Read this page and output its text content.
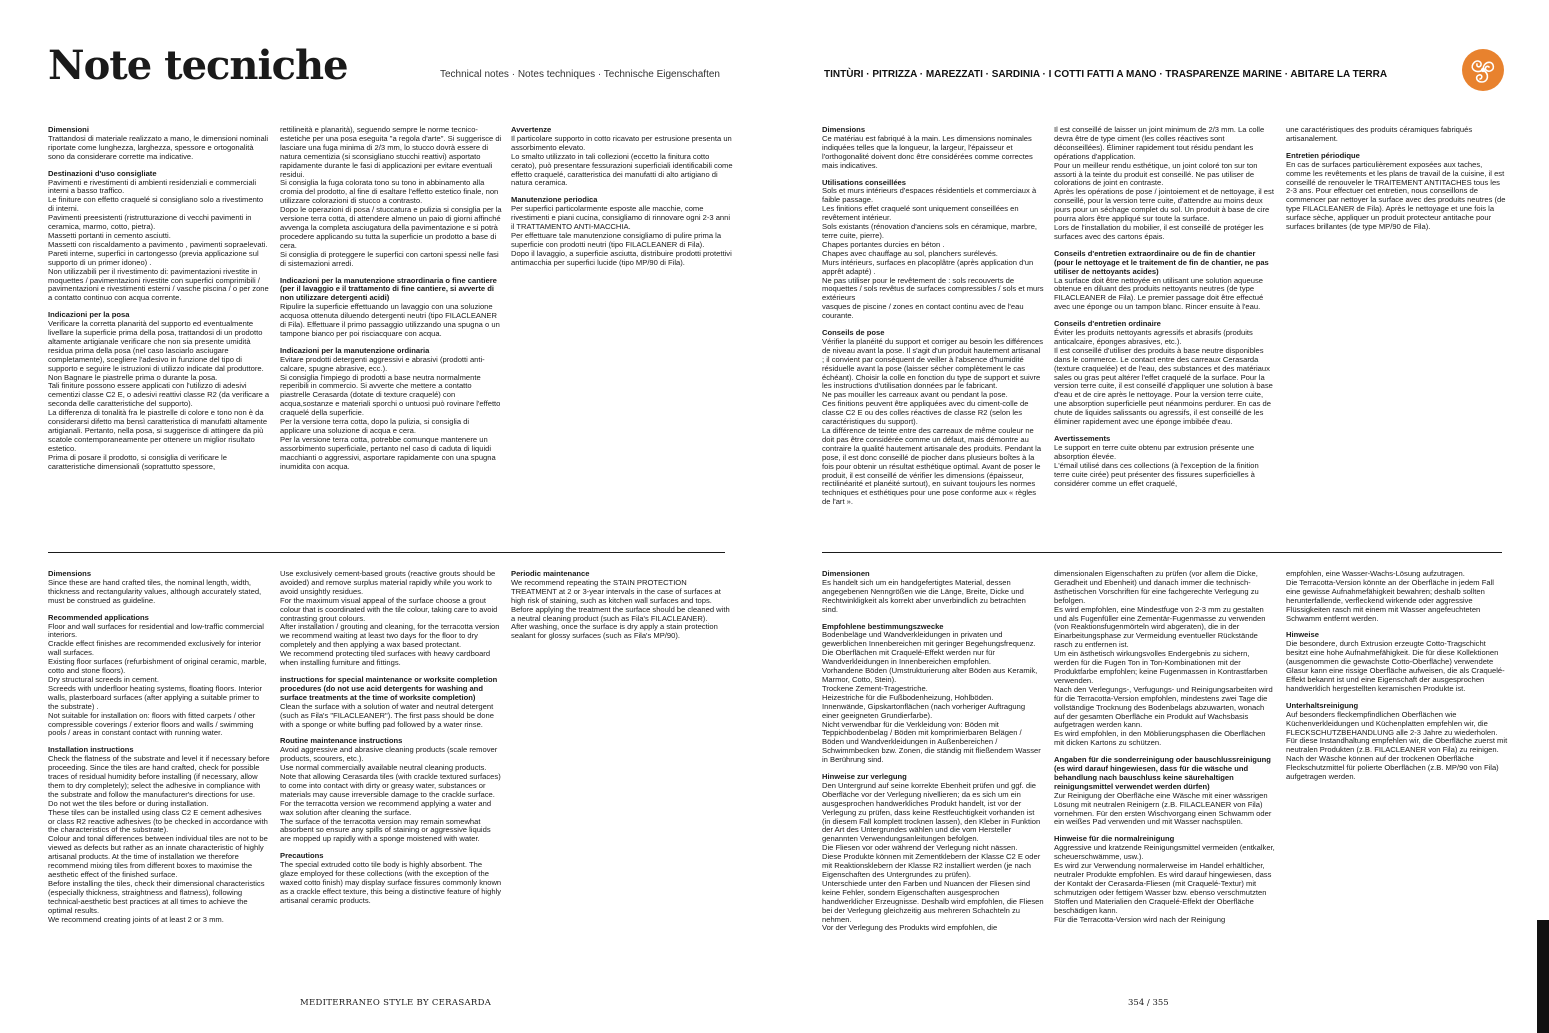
Note tecniche	Technical notes · Notes techniques · Technische Eigenschaften	TINTÙRI · PITRIZZA · MAREZZATI · SARDINIA · I COTTI FATTI A MANO · TRASPARENZE MARINE · ABITARE LA TERRA
Dimensioni

Trattandosi di materiale realizzato a mano, le dimensioni nominali riportate come lunghezza, larghezza, spessore e ortogonalità sono da considerare corrette ma indicative.

Destinazioni d'uso consigliate

Pavimenti e rivestimenti di ambienti residenziali e commerciali interni a basso traffico.
Le finiture con effetto craquelé si consigliano solo a rivestimento di interni.
Pavimenti preesistenti (ristrutturazione di vecchi pavimenti in ceramica, marmo, cotto, pietra).
Massetti portanti in cemento asciutti.
Massetti con riscaldamento a pavimento , pavimenti sopraelevati. Pareti interne, superfici in cartongesso (previa applicazione sul supporto di un primer idoneo) .
Non utilizzabili per il rivestimento di: pavimentazioni rivestite in moquettes / pavimentazioni rivestite con superfici comprimibili / pavimentazioni e rivestimenti esterni / vasche piscina / o per zone a contatto continuo con acqua corrente.

Indicazioni per la posa

Verificare la corretta planarità del supporto ed eventualmente livellare la superficie prima della posa, trattandosi di un prodotto altamente artigianale verificare che non sia presente umidità residua prima della posa (nel caso lasciarlo asciugare completamente), scegliere l'adesivo in funzione del tipo di supporto e seguire le istruzioni di utilizzo indicate dal produttore.
Non Bagnare le piastrelle prima o durante la posa.
Tali finiture possono essere applicati con l'utilizzo di adesivi cementizi classe C2 E, o adesivi reattivi classe R2 (da verificare a seconda delle caratteristiche del supporto).
La differenza di tonalità fra le piastrelle di colore e tono non è da considerarsi difetto ma bensì caratteristica di manufatti altamente artigianali. Pertanto, nella posa, si suggerisce di attingere da più scatole contemporaneamente per ottenere un miglior risultato estetico.
Prima di posare il prodotto, si consiglia di verificare le caratteristiche dimensionali (soprattutto spessore,

rettilineità e planarità), seguendo sempre le norme tecnico-estetiche per una posa eseguita "a regola d'arte". Si suggerisce di lasciare una fuga minima di 2/3 mm, lo stucco dovrà essere di natura cementizia (si sconsigliano stucchi reattivi) asportato rapidamente durante le fasi di applicazioni per evitare eventuali residui.
Si consiglia la fuga colorata tono su tono in abbinamento alla cromia del prodotto, al fine di esaltare l'effetto estetico finale, non utilizzare colorazioni di stucco a contrasto.
Dopo le operazioni di posa / stuccatura e pulizia si consiglia per la versione terra cotta, di attendere almeno un paio di giorni affinché avvenga la completa asciugatura della pavimentazione e si potrà procedere applicando su tutta la superficie un prodotto a base di cera.
Si consiglia di proteggere le superfici con cartoni spessi nelle fasi di sistemazioni arredi.

Indicazioni per la manutenzione straordinaria o fine cantiere (per il lavaggio e il trattamento di fine cantiere, si avverte di non utilizzare detergenti acidi)

Ripulire la superficie effettuando un lavaggio con una soluzione acquosa ottenuta diluendo detergenti neutri (tipo FILACLEANER di Fila). Effettuare il primo passaggio utilizzando una spugna o un tampone bianco per poi risciacquare con acqua.

Indicazioni per la manutenzione ordinaria

Evitare prodotti detergenti aggressivi e abrasivi (prodotti anti-calcare, spugne abrasive, ecc.).
Si consiglia l'impiego di prodotti a base neutra normalmente reperibili in commercio. Si avverte che mettere a contatto piastrelle Cerasarda (dotate di texture craquelé) con acqua,sostanze e materiali sporchi o untuosi può rovinare l'effetto craquelé della superficie.
Per la versione terra cotta, dopo la pulizia, si consiglia di applicare una soluzione di acqua e cera.
Per la versione terra cotta, potrebbe comunque mantenere un assorbimento superficiale, pertanto nel caso di caduta di liquidi macchianti o aggressivi, asportare rapidamente con una spugna inumidita con acqua.

Avvertenze

Il particolare supporto in cotto ricavato per estrusione presenta un assorbimento elevato.
Lo smalto utilizzato in tali collezioni (eccetto la finitura cotto cerato), può presentare fessurazioni superficiali identificabili come effetto craquelé, caratteristica dei manufatti di alto artigiano di natura ceramica.

Manutenzione periodica

Per superfici particolarmente esposte alle macchie, come rivestimenti e piani cucina, consigliamo di rinnovare ogni 2-3 anni il TRATTAMENTO ANTI-MACCHIA.
Per effettuare tale manutenzione consigliamo di pulire prima la superficie con prodotti neutri (tipo FILACLEANER di Fila).
Dopo il lavaggio, a superficie asciutta, distribuire prodotti protettivi antimacchia per superfici lucide (tipo MP/90 di Fila).

Dimensions

Ce matériau est fabriqué à la main. Les dimensions nominales indiquées telles que la longueur, la largeur, l'épaisseur et l'orthogonalité doivent donc être considérées comme correctes mais indicatives.

Utilisations conseillées

Sols et murs intérieurs d'espaces résidentiels et commerciaux à faible passage.
Les finitions effet craquelé sont uniquement conseillées en revêtement intérieur.
Sols existants (rénovation d'anciens sols en céramique, marbre, terre cuite, pierre).
Chapes portantes durcies en béton .
Chapes avec chauffage au sol, planchers surélevés.
Murs intérieurs, surfaces en placoplâtre (après application d'un apprêt adapté) .
Ne pas utiliser pour le revêtement de : sols recouverts de moquettes / sols revêtus de surfaces compressibles / sols et murs extérieurs
vasques de piscine / zones en contact continu avec de l'eau courante.

Conseils de pose

Vérifier la planéité du support et corriger au besoin les différences de niveau avant la pose. Il s'agit d'un produit hautement artisanal ; il convient par conséquent de veiller à l'absence d'humidité résiduelle avant la pose (laisser sécher complètement le cas échéant). Choisir la colle en fonction du type de support et suivre les instructions d'utilisation données par le fabricant.
Ne pas mouiller les carreaux avant ou pendant la pose.
Ces finitions peuvent être appliquées avec du ciment-colle de classe C2 E ou des colles réactives de classe R2 (selon les caractéristiques du support).
La différence de teinte entre des carreaux de même couleur ne doit pas être considérée comme un défaut, mais démontre au contraire la qualité hautement artisanale des produits. Pendant la pose, il est donc conseillé de piocher dans plusieurs boîtes à la fois pour obtenir un résultat esthétique optimal. Avant de poser le produit, il est conseillé de vérifier les dimensions (épaisseur, rectilinéarité et planéité surtout), en suivant toujours les normes techniques et esthétiques pour une pose conforme aux « règles de l'art ».

Il est conseillé de laisser un joint minimum de 2/3 mm. La colle devra être de type ciment (les colles réactives sont déconseillées). Éliminer rapidement tout résidu pendant les opérations d'application.
Pour un meilleur rendu esthétique, un joint coloré ton sur ton assorti à la teinte du produit est conseillé. Ne pas utiliser de colorations de joint en contraste.
Après les opérations de pose / jointoiement et de nettoyage, il est conseillé, pour la version terre cuite, d'attendre au moins deux jours pour un séchage complet du sol. Un produit à base de cire pourra alors être appliqué sur toute la surface.
Lors de l'installation du mobilier, il est conseillé de protéger les surfaces avec des cartons épais.

Conseils d'entretien extraordinaire ou de fin de chantier (pour le nettoyage et le traitement de fin de chantier, ne pas utiliser de nettoyants acides)

La surface doit être nettoyée en utilisant une solution aqueuse obtenue en diluant des produits nettoyants neutres (de type FILACLEANER de Fila). Le premier passage doit être effectué avec une éponge ou un tampon blanc. Rincer ensuite à l'eau.

Conseils d'entretien ordinaire

Éviter les produits nettoyants agressifs et abrasifs (produits anticalcaire, éponges abrasives, etc.).
Il est conseillé d'utiliser des produits à base neutre disponibles dans le commerce. Le contact entre des carreaux Cerasarda (texture craquelée) et de l'eau, des substances et des matériaux sales ou gras peut altérer l'effet craquelé de la surface. Pour la version terre cuite, il est conseillé d'appliquer une solution à base d'eau et de cire après le nettoyage. Pour la version terre cuite, une absorption superficielle peut néanmoins perdurer. En cas de chute de liquides salissants ou agressifs, il est conseillé de les éliminer rapidement avec une éponge imbibée d'eau.

Avertissements

Le support en terre cuite obtenu par extrusion présente une absorption élevée.
L'émail utilisé dans ces collections (à l'exception de la finition terre cuite cirée) peut présenter des fissures superficielles à considérer comme un effet craquelé,

une caractéristiques des produits céramiques fabriqués artisanalement.

Entretien périodique

En cas de surfaces particulièrement exposées aux taches, comme les revêtements et les plans de travail de la cuisine, il est conseillé de renouveler le TRAITEMENT ANTITACHES tous les 2-3 ans. Pour effectuer cet entretien, nous conseillons de commencer par nettoyer la surface avec des produits neutres (de type FILACLEANER de Fila). Après le nettoyage et une fois la surface sèche, appliquer un produit protecteur antitache pour surfaces brillantes (de type MP/90 de Fila).

Dimensions

Since these are hand crafted tiles, the nominal length, width, thickness and rectangularity values, although accurately stated, must be construed as guideline.

Recommended applications

Floor and wall surfaces for residential and low-traffic commercial interiors.
Crackle effect finishes are recommended exclusively for interior wall surfaces.
Existing floor surfaces (refurbishment of original ceramic, marble, cotto and stone floors).
Dry structural screeds in cement.
Screeds with underfloor heating systems, floating floors. Interior walls, plasterboard surfaces (after applying a suitable primer to the substrate) .
Not suitable for installation on: floors with fitted carpets / other compressible coverings / exterior floors and walls / swimming pools / areas in constant contact with running water.

Installation instructions

Check the flatness of the substrate and level it if necessary before proceeding. Since the tiles are hand crafted, check for possible traces of residual humidity before installing (if necessary, allow them to dry completely); select the adhesive in compliance with the substrate and follow the manufacturer's directions for use.
Do not wet the tiles before or during installation.
These tiles can be installed using class C2 E cement adhesives or class R2 reactive adhesives (to be checked in accordance with the characteristics of the substrate).
Colour and tonal differences between individual tiles are not to be viewed as defects but rather as an innate characteristic of highly artisanal products. At the time of installation we therefore recommend mixing tiles from different boxes to maximise the aesthetic effect of the finished surface.
Before installing the tiles, check their dimensional characteristics (especially thickness, straightness and flatness), following technical-aesthetic best practices at all times to achieve the optimal results.
We recommend creating joints of at least 2 or 3 mm.

Use exclusively cement-based grouts (reactive grouts should be avoided) and remove surplus material rapidly while you work to avoid unsightly residues.
For the maximum visual appeal of the surface choose a grout colour that is coordinated with the tile colour, taking care to avoid contrasting grout colours.
After installation / grouting and cleaning, for the terracotta version we recommend waiting at least two days for the floor to dry completely and then applying a wax based protectant.
We recommend protecting tiled surfaces with heavy cardboard when installing furniture and fittings.

instructions for special maintenance or worksite completion procedures (do not use acid detergents for washing and surface treatments at the time of worksite completion)

Clean the surface with a solution of water and neutral detergent (such as Fila's "FILACLEANER"). The first pass should be done with a sponge or white buffing pad followed by a water rinse.

Routine maintenance instructions

Avoid aggressive and abrasive cleaning products (scale remover products, scourers, etc.).
Use normal commercially available neutral cleaning products. Note that allowing Cerasarda tiles (with crackle textured surfaces) to come into contact with dirty or greasy water, substances or materials may cause irreversible damage to the crackle surface.
For the terracotta version we recommend applying a water and wax solution after cleaning the surface.
The surface of the terracotta version may remain somewhat absorbent so ensure any spills of staining or aggressive liquids are mopped up rapidly with a sponge moistened with water.

Precautions

The special extruded cotto tile body is highly absorbent. The glaze employed for these collections (with the exception of the waxed cotto finish) may display surface fissures commonly known as a crackle effect texture, this being a distinctive feature of highly artisanal ceramic products.

Periodic maintenance

We recommend repeating the STAIN PROTECTION TREATMENT at 2 or 3-year intervals in the case of surfaces at high risk of staining, such as kitchen wall surfaces and tops. Before applying the treatment the surface should be cleaned with a neutral cleaning product (such as Fila's FILACLEANER).
After washing, once the surface is dry apply a stain protection sealant for glossy surfaces (such as Fila's MP/90).

Dimensionen

Es handelt sich um ein handgefertigtes Material, dessen angegebenen Nenngrößen wie die Länge, Breite, Dicke und Rechtwinkligkeit als korrekt aber unverbindlich zu betrachten sind.

Empfohlene bestimmungszwecke

Bodenbeläge und Wandverkleidungen in privaten und gewerblichen Innenbereichen mit geringer Begehungsfrequenz.
Die Oberflächen mit Craquelé-Effekt werden nur für Wandverkleidungen in Innenbereichen empfohlen.
Vorhandene Böden (Umstrukturierung alter Böden aus Keramik, Marmor, Cotto, Stein).
Trockene Zement-Tragestriche.
Heizestriche für die Fußbodenheizung, Hohlböden.
Innenwände, Gipskartonflächen (nach vorheriger Auftragung einer geeigneten Grundierfarbe).
Nicht verwendbar für die Verkleidung von: Böden mit Teppichbodenbelag / Böden mit komprimierbaren Belägen / Böden und Wandverkleidungen in Außenbereichen / Schwimmbecken bzw. Zonen, die ständig mit fließendem Wasser in Berührung sind.

Hinweise zur verlegung

Den Untergrund auf seine korrekte Ebenheit prüfen und ggf. die Oberfläche vor der Verlegung nivellieren; da es sich um ein ausgesprochen handwerkliches Produkt handelt, ist vor der Verlegung zu prüfen, dass keine Restfeuchtigkeit vorhanden ist (in diesem Fall komplett trocknen lassen), den Kleber in Funktion der Art des Untergrundes wählen und die vom Hersteller genannten Verwendungsanleitungen befolgen.
Die Fliesen vor oder während der Verlegung nicht nässen.
Diese Produkte können mit Zementklebern der Klasse C2 E oder mit Reaktionsklebern der Klasse R2 installiert werden (je nach Eigenschaften des Untergrundes zu prüfen).
Unterschiede unter den Farben und Nuancen der Fliesen sind keine Fehler, sondern Eigenschaften ausgesprochen handwerklicher Erzeugnisse. Deshalb wird empfohlen, die Fliesen bei der Verlegung gleichzeitig aus mehreren Schachteln zu nehmen.
Vor der Verlegung des Produkts wird empfohlen, die

dimensionalen Eigenschaften zu prüfen (vor allem die Dicke, Geradheit und Ebenheit) und danach immer die technisch-ästhetischen Vorschriften für eine fachgerechte Verlegung zu befolgen.
Es wird empfohlen, eine Mindestfuge von 2-3 mm zu gestalten und als Fugenfüller eine Zementär-Fugenmasse zu verwenden (von Reaktionsfugenmörteln wird abgeraten), die in der Einarbeitungsphase zur Vermeidung eventueller Rückstände rasch zu entfernen ist.
Um ein ästhetisch wirkungsvolles Endergebnis zu sichern, werden für die Fugen Ton in Ton-Kombinationen mit der Produktfarbe empfohlen; keine Fugenmassen in Kontrastfarben verwenden.
Nach den Verlegungs-, Verfugungs- und Reinigungsarbeiten wird für die Terracotta-Version empfohlen, mindestens zwei Tage die vollständige Trocknung des Bodenbelags abzuwarten, wonach auf der gesamten Oberfläche ein Produkt auf Wachsbasis aufgetragen werden kann.
Es wird empfohlen, in den Möblierungsphasen die Oberflächen mit dicken Kartons zu schützen.

Angaben für die sonderreinigung oder bauschlussreinigung (es wird darauf hingewiesen, dass für die wäsche und behandlung nach bauschluss keine säurehaltigen reinigungsmittel verwendet werden dürfen)

Zur Reinigung der Oberfläche eine Wäsche mit einer wässrigen Lösung mit neutralen Reinigern (z.B. FILACLEANER von Fila) vornehmen. Für den ersten Wischvorgang einen Schwamm oder ein weißes Pad verwenden und mit Wasser nachspülen.

Hinweise für die normalreinigung

Aggressive und kratzende Reinigungsmittel vermeiden (entkalker, scheuerschwämme, usw.).
Es wird zur Verwendung normalerweise im Handel erhältlicher, neutraler Produkte empfohlen. Es wird darauf hingewiesen, dass der Kontakt der Cerasarda-Fliesen (mit Craquelé-Textur) mit schmutzigen oder fettigem Wasser bzw. ebenso verschmutzten Stoffen und Materialien den Craquelé-Effekt der Oberfläche beschädigen kann.
Für die Terracotta-Version wird nach der Reinigung

empfohlen, eine Wasser-Wachs-Lösung aufzutragen.
Die Terracotta-Version könnte an der Oberfläche in jedem Fall eine gewisse Aufnahmefähigkeit bewahren; deshalb sollten herunterfallende, verfleckend wirkende oder aggressive Flüssigkeiten rasch mit einem mit Wasser angefeuchteten Schwamm entfernt werden.

Hinweise

Die besondere, durch Extrusion erzeugte Cotto-Tragschicht besitzt eine hohe Aufnahmefähigkeit. Die für diese Kollektionen (ausgenommen die gewachste Cotto-Oberfläche) verwendete Glasur kann eine rissige Oberfläche aufweisen, die als Craquelé-Effekt bekannt ist und eine Eigenschaft der ausgesprochen handwerklich hergestellten keramischen Produkte ist.

Unterhaltsreinigung

Auf besonders fleckempfindlichen Oberflächen wie Küchenverkleidungen und Küchenplatten empfehlen wir, die FLECKSCHUTZBEHANDLUNG alle 2-3 Jahre zu wiederholen. Für diese Instandhaltung empfehlen wir, die Oberfläche zuerst mit neutralen Produkten (z.B. FILACLEANER von Fila) zu reinigen.
Nach der Wäsche können auf der trockenen Oberfläche Fleckschutzmittel für polierte Oberflächen (z.B. MP/90 von Fila) aufgetragen werden.

MEDITERRANEO STYLE BY CERASARDA	354 / 355
